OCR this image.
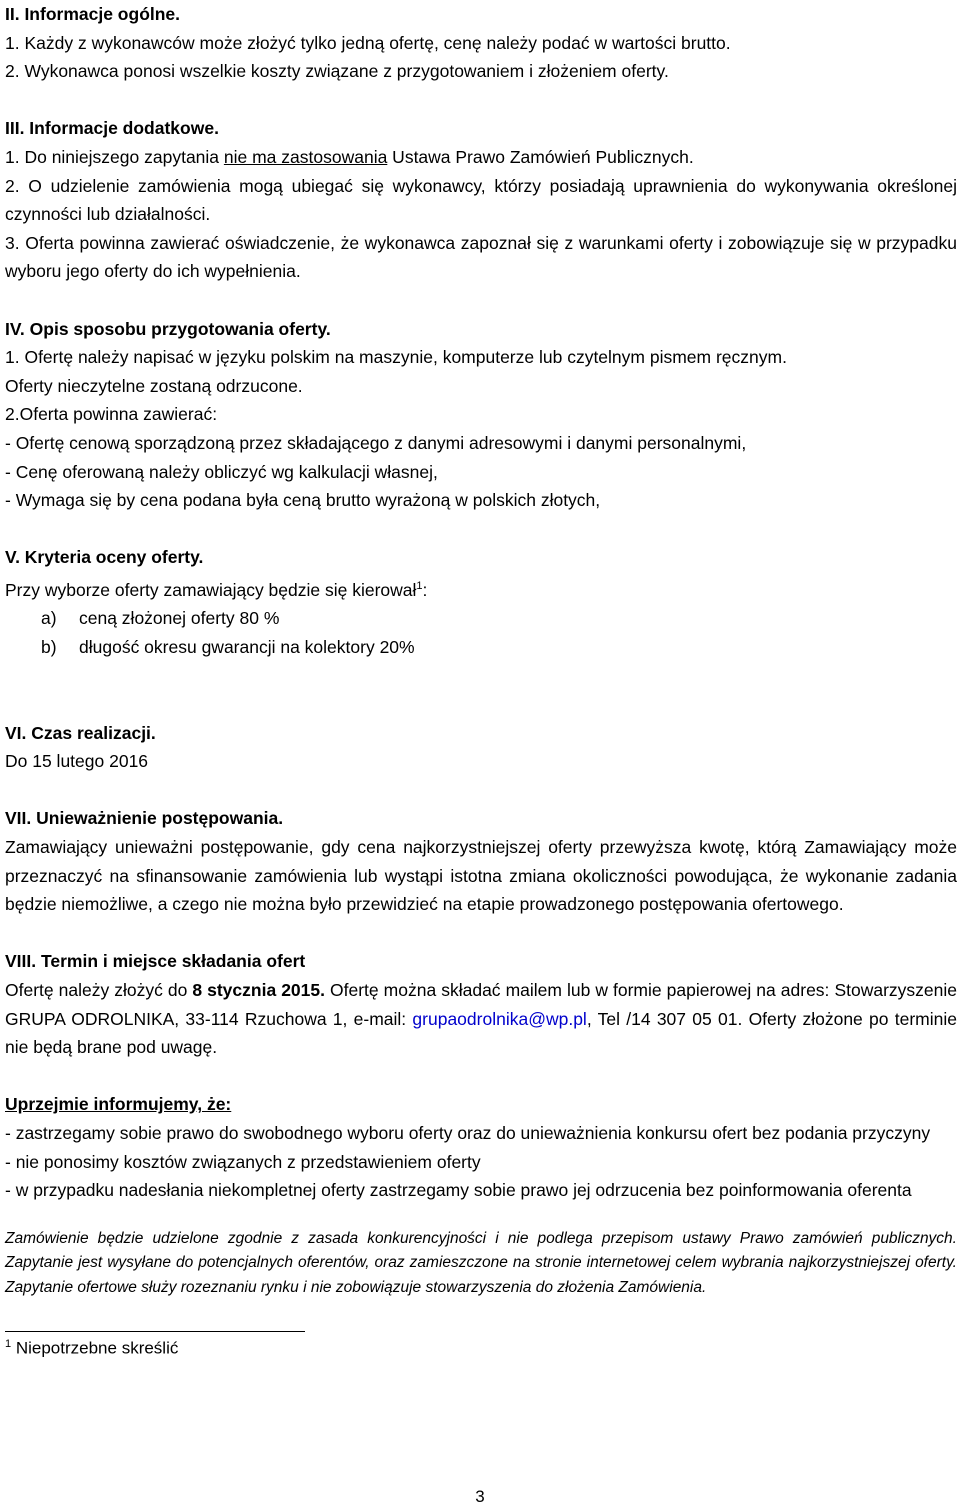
II. Informacje ogólne.

1. Każdy z wykonawców może złożyć tylko jedną ofertę, cenę należy podać w wartości brutto.

2. Wykonawca ponosi wszelkie koszty związane z przygotowaniem i złożeniem oferty.

III. Informacje dodatkowe.

1. Do niniejszego zapytania nie ma zastosowania Ustawa Prawo Zamówień Publicznych.

2. O udzielenie zamówienia mogą ubiegać się wykonawcy, którzy posiadają uprawnienia do wykonywania określonej czynności lub działalności.

3. Oferta powinna zawierać oświadczenie, że wykonawca zapoznał się z warunkami oferty i zobowiązuje się w przypadku wyboru jego oferty do ich wypełnienia.

IV. Opis sposobu przygotowania oferty.

1. Ofertę należy napisać w języku polskim na maszynie, komputerze lub czytelnym pismem ręcznym.

Oferty nieczytelne zostaną odrzucone.

2.Oferta powinna zawierać:

- Ofertę cenową sporządzoną przez składającego z danymi adresowymi i danymi personalnymi,

- Cenę oferowaną należy obliczyć wg kalkulacji własnej,

- Wymaga się by cena podana była ceną brutto wyrażoną w polskich złotych,

V. Kryteria oceny oferty.

Przy wyborze oferty zamawiający będzie się kierował$^1$:

a) ceną złożonej oferty 80 %

b) długość okresu gwarancji na kolektory 20%

VI. Czas realizacji.

Do 15 lutego 2016

VII. Unieważnienie postępowania.

Zamawiający unieważni postępowanie, gdy cena najkorzystniejszej oferty przewyższa kwotę, którą Zamawiający może przeznaczyć na sfinansowanie zamówienia lub wystąpi istotna zmiana okoliczności powodująca, że wykonanie zadania będzie niemożliwe, a czego nie można było przewidzieć na etapie prowadzonego postępowania ofertowego.

VIII. Termin i miejsce składania ofert

Ofertę należy złożyć do 8 stycznia 2015. Ofertę można składać mailem lub w formie papierowej na adres: Stowarzyszenie GRUPA ODROLNIKA, 33-114 Rzuchowa 1, e-mail: grupaodrolnika@wp.pl, Tel /14 307 05 01. Oferty złożone po terminie nie będą brane pod uwagę.

Uprzejmie informujemy, że:

- zastrzegamy sobie prawo do swobodnego wyboru oferty oraz do unieważnienia konkursu ofert bez podania przyczyny

- nie ponosimy kosztów związanych z przedstawieniem oferty

- w przypadku nadesłania niekompletnej oferty zastrzegamy sobie prawo jej odrzucenia bez poinformowania oferenta

Zamówienie będzie udzielone zgodnie z zasada konkurencyjności i nie podlega przepisom ustawy Prawo zamówień publicznych. Zapytanie jest wysyłane do potencjalnych oferentów, oraz zamieszczone na stronie internetowej celem wybrania najkorzystniejszej oferty. Zapytanie ofertowe służy rozeznaniu rynku i nie zobowiązuje stowarzyszenia do złożenia Zamówienia.

$^1$ Niepotrzebne skreślić

3
